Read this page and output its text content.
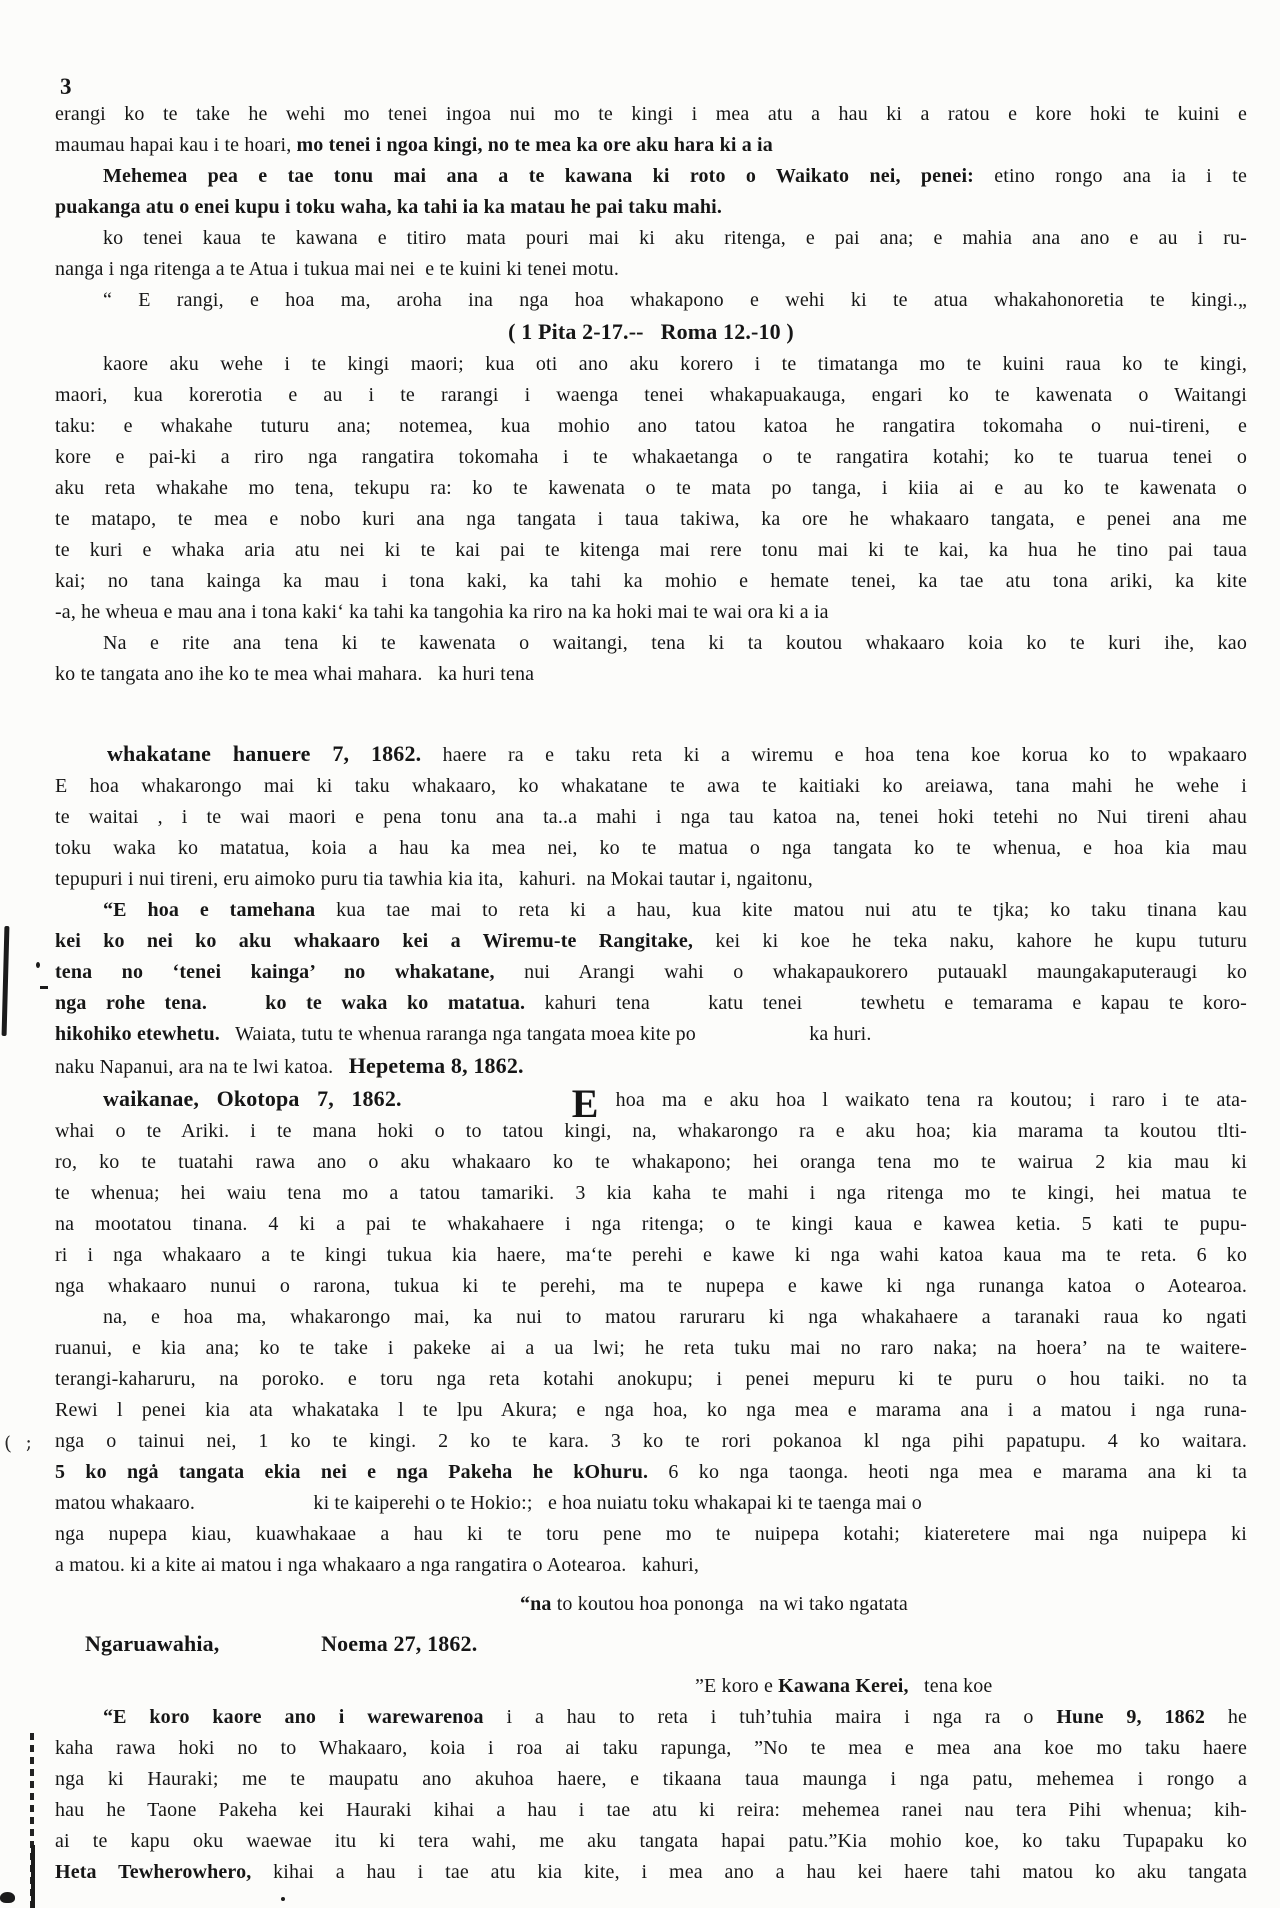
3
erangi ko te take he wehi mo tenei ingoa nui mo te kingi i mea atu a hau ki a ratou e kore hoki te kuini e
maumau hapai kau i te hoari, mo tenei i ngoa kingi, no te mea ka ore aku hara ki a ia
Mehemea pea e tae tonu mai ana a te kawana ki roto o Waikato nei, penei: etino rongo ana ia i te
puakanga atu o enei kupu i toku waha, ka tahi ia ka matau he pai taku mahi.
ko tenei kaua te kawana e titiro mata pouri mai ki aku ritenga, e pai ana; e mahia ana ano e au i ru-
nanga i nga ritenga a te Atua i tukua mai nei  e te kuini ki tenei motu.
“ E rangi, e hoa ma, aroha ina nga hoa whakapono e wehi ki te atua whakahonoretia te kingi.„
( 1 Pita 2-17.--   Roma 12.-10 )
kaore aku wehe i te kingi maori; kua oti ano aku korero i te timatanga mo te kuini raua ko te kingi,
maori, kua korerotia e au i te rarangi i waenga tenei whakapuakauga, engari ko te kawenata o Waitangi
taku: e whakahe tuturu ana; notemea, kua mohio ano tatou katoa he rangatira tokomaha o nui-tireni, e
kore e pai-ki a riro nga rangatira tokomaha i te whakaetanga o te rangatira kotahi; ko te tuarua tenei o
aku reta whakahe mo tena, tekupu ra: ko te kawenata o te mata po tanga, i kiia ai e au ko te kawenata o
te matapo, te mea e nobo kuri ana nga tangata i taua takiwa, ka ore he whakaaro tangata, e penei ana me
te kuri e whaka aria atu nei ki te kai pai te kitenga mai rere tonu mai ki te kai, ka hua he tino pai taua
kai; no tana kainga ka mau i tona kaki, ka tahi ka mohio e hemate tenei, ka tae atu tona ariki, ka kite
-a, he wheua e mau ana i tona kaki‘ ka tahi ka tangohia ka riro na ka hoki mai te wai ora ki a ia
Na e rite ana tena ki te kawenata o waitangi, tena ki ta koutou whakaaro koia ko te kuri ihe, kao
ko te tangata ano ihe ko te mea whai mahara.   ka huri tena
whakatane hanuere 7, 1862. haere ra e taku reta ki a wiremu e hoa tena koe korua ko to wpakaaro
E hoa whakarongo mai ki taku whakaaro, ko whakatane te awa te kaitiaki ko areiawa, tana mahi he wehe i
te waitai , i te wai maori e pena tonu ana ta..a mahi i nga tau katoa na, tenei hoki tetehi no Nui tireni ahau
toku waka ko matatua, koia a hau ka mea nei, ko te matua o nga tangata ko te whenua, e hoa kia mau
tepupuri i nui tireni, eru aimoko puru tia tawhia kia ita,   kahuri.  na Mokai tautar i, ngaitonu,
“E hoa e tamehana kua tae mai to reta ki a hau, kua kite matou nui atu te tjka; ko taku tinana kau
kei ko nei ko aku whakaaro kei a Wiremu-te Rangitake, kei ki koe he teka naku, kahore he kupu tuturu
tena no ‘tenei kainga’ no whakatane, nui Arangi wahi o whakapaukorero putauakl maungakaputeraugi ko
nga rohe tena.   ko te waka ko matatua. kahuri tena   katu tenei   tewhetu e temarama e kapau te koro-
hikohiko etewhetu.   Waiata, tutu te whenua raranga nga tangata moea kite po                      ka huri.
naku Napanui, ara na te lwi katoa.   Hepetema 8, 1862.
waikanae, Okotopa 7, 1862.	E hoa ma e aku hoa l waikato tena ra koutou; i raro i te ata-
whai o te Ariki. i te mana hoki o to tatou kingi, na, whakarongo ra e aku hoa; kia marama ta koutou tlti-
ro, ko te tuatahi rawa ano o aku whakaaro ko te whakapono; hei oranga tena mo te wairua 2 kia mau ki
te whenua; hei waiu tena mo a tatou tamariki. 3 kia kaha te mahi i nga ritenga mo te kingi, hei matua te
na mootatou tinana. 4 ki a pai te whakahaere i nga ritenga; o te kingi kaua e kawea ketia. 5 kati te pupu-
ri i nga whakaaro a te kingi tukua kia haere, ma‘te perehi e kawe ki nga wahi katoa kaua ma te reta. 6 ko
nga whakaaro nunui o rarona, tukua ki te perehi, ma te nupepa e kawe ki nga runanga katoa o Aotearoa.
na, e hoa ma, whakarongo mai, ka nui to matou raruraru ki nga whakahaere a taranaki raua ko ngati
ruanui, e kia ana; ko te take i pakeke ai a ua lwi; he reta tuku mai no raro naka; na hoera’ na te waitere-
terangi-kaharuru, na poroko. e toru nga reta kotahi anokupu; i penei mepuru ki te puru o hou taiki. no ta
Rewi l penei kia ata whakataka l te lpu Akura; e nga hoa, ko nga mea e marama ana i a matou i nga runa-
nga o tainui nei, 1 ko te kingi. 2 ko te kara. 3 ko te rori pokanoa kl nga pihi papatupu. 4 ko waitara.
5 ko ngȧ tangata ekia nei e nga Pakeha he kOhuru. 6 ko nga taonga. heoti nga mea e marama ana ki ta
matou whakaaro.                       ki te kaiperehi o te Hokio:;   e hoa nuiatu toku whakapai ki te taenga mai o
nga nupepa kiau, kuawhakaae a hau ki te toru pene mo te nuipepa kotahi; kiateretere mai nga nuipepa ki
a matou. ki a kite ai matou i nga whakaaro a nga rangatira o Aotearoa.   kahuri,
“na to koutou hoa pononga   na wi tako ngatata
Ngaruawahia,                  Noema 27, 1862.
”E koro e Kawana Kerei,   tena koe
“E koro kaore ano i warewarenoa i a hau to reta i tuh’tuhia maira i nga ra o Hune 9, 1862 he
kaha rawa hoki no to Whakaaro, koia i roa ai taku rapunga, ”No te mea e mea ana koe mo taku haere
nga ki Hauraki; me te maupatu ano akuhoa haere, e tikaana taua maunga i nga patu, mehemea i rongo a
hau he Taone Pakeha kei Hauraki kihai a hau i tae atu ki reira: mehemea ranei nau tera Pihi whenua; kih-
ai te kapu oku waewae itu ki tera wahi, me aku tangata hapai patu.”Kia mohio koe, ko taku Tupapaku ko
Heta Tewherowhero, kihai a hau i tae atu kia kite, i mea ano a hau kei haere tahi matou ko aku tangata
( ;
